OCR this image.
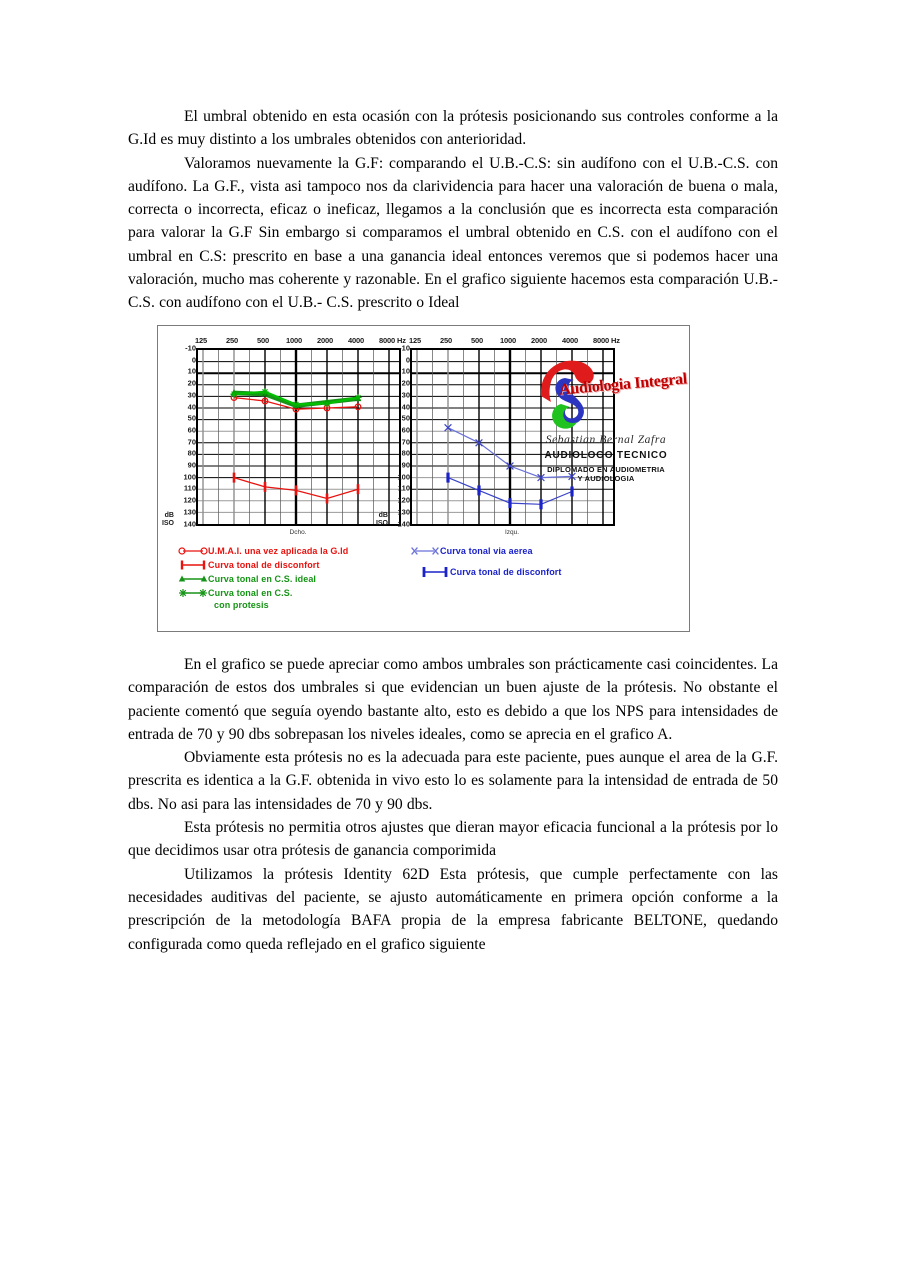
El umbral obtenido en esta ocasión con la prótesis posicionando sus controles conforme a la G.Id es muy distinto a los umbrales obtenidos con anterioridad.

Valoramos nuevamente la G.F: comparando el U.B.-C.S: sin audífono con el U.B.-C.S. con audífono. La G.F., vista asi tampoco nos da clarividencia para hacer una valoración de buena o mala, correcta o incorrecta, eficaz o ineficaz, llegamos a la conclusión que es incorrecta esta comparación para valorar la G.F Sin embargo si comparamos el umbral obtenido en C.S. con el audífono con el umbral en C.S: prescrito en base a una ganancia ideal entonces veremos que si podemos hacer una valoración, mucho mas coherente y razonable. En el grafico siguiente hacemos esta comparación U.B.- C.S. con audífono con el U.B.- C.S. prescrito o Ideal

125	250	500 1000 2000 4000 8000 Hz
-10
0
10
20
30
40
50
60
70
80
90
100
110
120
130
140
dB
ISO
Dcho.
125	250	500 1000 2000 4000 8000 Hz
-10
0
10
20
30
40
50
60
70
80
90
100
110
120
130
140
dB
ISO
Izqu.
Audiologia Integral
Sebastian Bernal Zafra
AUDIOLOGO TECNICO
DIPLOMADO EN AUDIOMETRIA
Y AUDIOLOGIA
U.M.A.I. una vez aplicada la G.Id
Curva tonal de disconfort
Curva tonal en C.S. ideal
Curva tonal en C.S.
con protesis
Curva tonal via aerea
Curva tonal de disconfort

En el grafico se puede apreciar como ambos umbrales son prácticamente casi coincidentes. La comparación de estos dos umbrales si que evidencian un buen ajuste de la prótesis. No obstante el paciente comentó que seguía oyendo bastante alto, esto es debido a que los NPS para intensidades de entrada de 70 y 90 dbs sobrepasan los niveles ideales, como se aprecia en el grafico A.

Obviamente esta prótesis no es la adecuada para este paciente, pues aunque el area de la G.F. prescrita es identica a la G.F. obtenida in vivo esto lo es solamente para la intensidad de entrada de 50 dbs. No asi para las intensidades de 70 y 90 dbs.

Esta prótesis no permitia otros ajustes que dieran mayor eficacia funcional a la prótesis por lo que decidimos usar otra prótesis de ganancia comporimida

Utilizamos la prótesis Identity 62D Esta prótesis, que cumple perfectamente con las necesidades auditivas del paciente, se ajusto automáticamente en primera opción conforme a la prescripción de la metodología BAFA propia de la empresa fabricante BELTONE, quedando configurada como queda reflejado en el grafico siguiente
